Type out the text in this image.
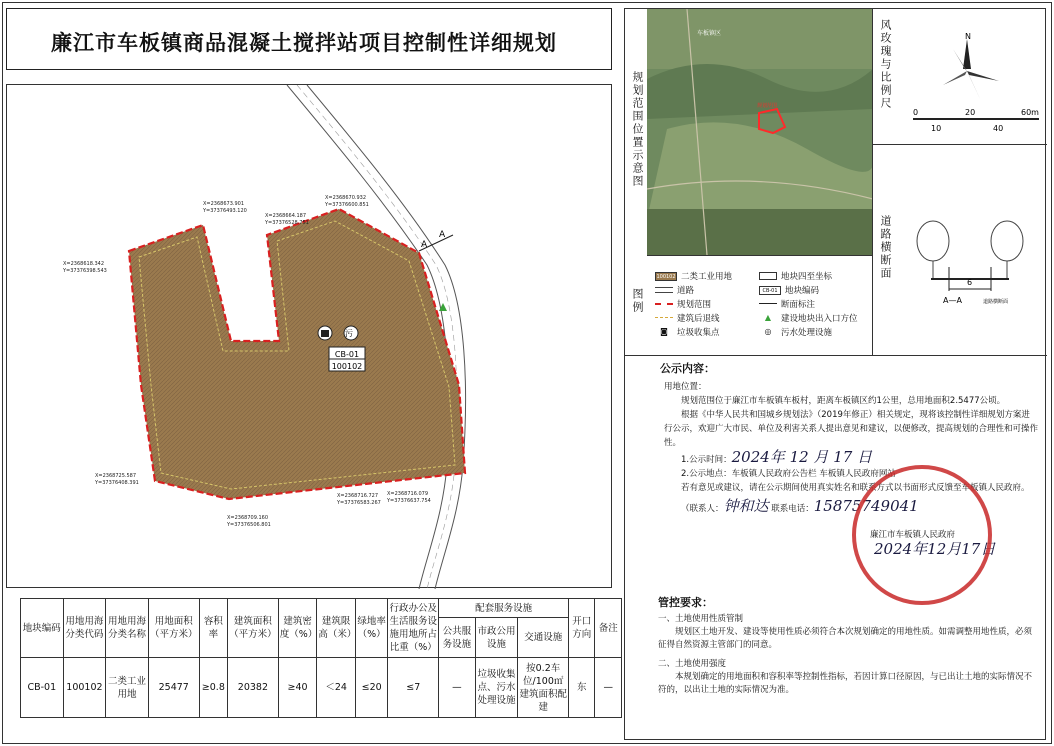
廉江市车板镇商品混凝土搅拌站项目控制性详细规划
污
CB-01
100102
A
A
X=2368673.901
Y=37376493.120
X=2368664.187
Y=37376528.751
X=2368670.932
Y=37376600.851
X=2368618.342
Y=37376398.543
X=2368725.587
Y=37376408.391
X=2368709.160
Y=37376506.801
X=2368716.727
Y=37376583.267
X=2368716.079
Y=37376637.754
地块编码	用地用海分类代码	用地用海分类名称	用地面积（平方米）	容积率	建筑面积（平方米）	建筑密度（%）	建筑限高（米）	绿地率（%）	行政办公及生活服务设施用地所占比重（%）	配套服务设施			开口方向	备注
										公共服务设施	市政公用设施	交通设施		
CB-01	100102	二类工业用地	25477	≥0.8	20382	≥40	＜24	≤20	≤7	—	垃圾收集点、污水处理设施	按0.2车位/100㎡建筑面积配建	东	—
规划范围位置示意图
车板镇区
规划范围	风玫瑰与比例尺	N
0	20	60m
10	40
道路横断面
6
A—A	道路横断面
图例
100102 二类工业用地	地块四至坐标
道路	CB-01 地块编码
规划范围	断面标注
建筑后退线	▲	建设地块出入口方位
◙	垃圾收集点	◎	污水处理设施
公示内容：

用地位置：

规划范围位于廉江市车板镇车板村，距离车板镇区约1公里，总用地面积2.5477公顷。

根据《中华人民共和国城乡规划法》（2019年修正）相关规定，现将该控制性详细规划方案进行公示，欢迎广大市民、单位及利害关系人提出意见和建议，以便修改，提高规划的合理性和可操作性。

1.公示时间：2024年 12 月 17 日

2.公示地点：车板镇人民政府公告栏 车板镇人民政府网站

若有意见或建议，请在公示期间使用真实姓名和联系方式以书面形式反馈至车板镇人民政府。

（联系人：钟和达 联系电话：15875749041

廉江市车板镇人民政府

2024年12月17日

管控要求：

一、土地使用性质管制

规划区土地开发、建设等使用性质必须符合本次规划确定的用地性质。如需调整用地性质，必须征得自然资源主管部门的同意。

二、土地使用强度

本规划确定的用地面积和容积率等控制性指标，若因计算口径原因，与已出让土地的实际情况不符的，以出让土地的实际情况为准。
